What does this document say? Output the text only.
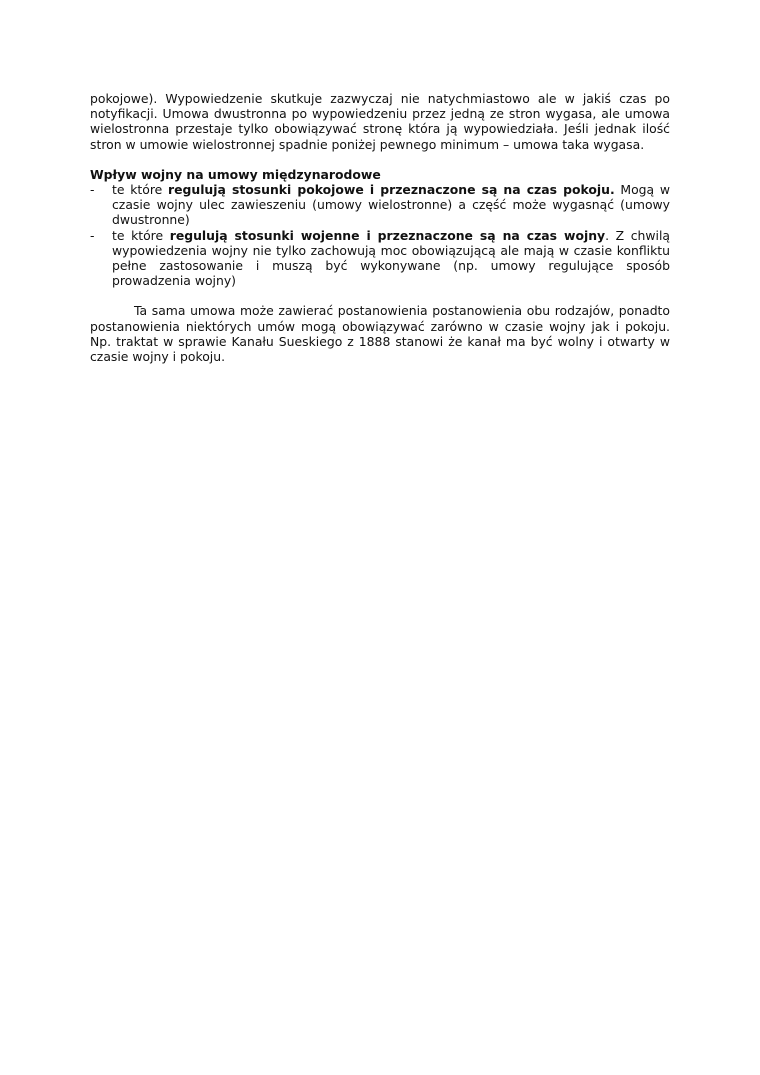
pokojowe). Wypowiedzenie skutkuje zazwyczaj nie natychmiastowo ale w jakiś czas po notyfikacji. Umowa dwustronna po wypowiedzeniu przez jedną ze stron wygasa, ale umowa wielostronna przestaje tylko obowiązywać stronę która ją wypowiedziała. Jeśli jednak ilość stron w umowie wielostronnej spadnie poniżej pewnego minimum – umowa taka wygasa.

Wpływ wojny na umowy międzynarodowe

- te które regulują stosunki pokojowe i przeznaczone są na czas pokoju. Mogą w czasie wojny ulec zawieszeniu (umowy wielostronne) a część może wygasnąć (umowy dwustronne)
- te które regulują stosunki wojenne i przeznaczone są na czas wojny. Z chwilą wypowiedzenia wojny nie tylko zachowują moc obowiązującą ale mają w czasie konfliktu pełne zastosowanie i muszą być wykonywane (np. umowy regulujące sposób prowadzenia wojny)

Ta sama umowa może zawierać postanowienia postanowienia obu rodzajów, ponadto postanowienia niektórych umów mogą obowiązywać zarówno w czasie wojny jak i pokoju. Np. traktat w sprawie Kanału Sueskiego z 1888 stanowi że kanał ma być wolny i otwarty w czasie wojny i pokoju.
